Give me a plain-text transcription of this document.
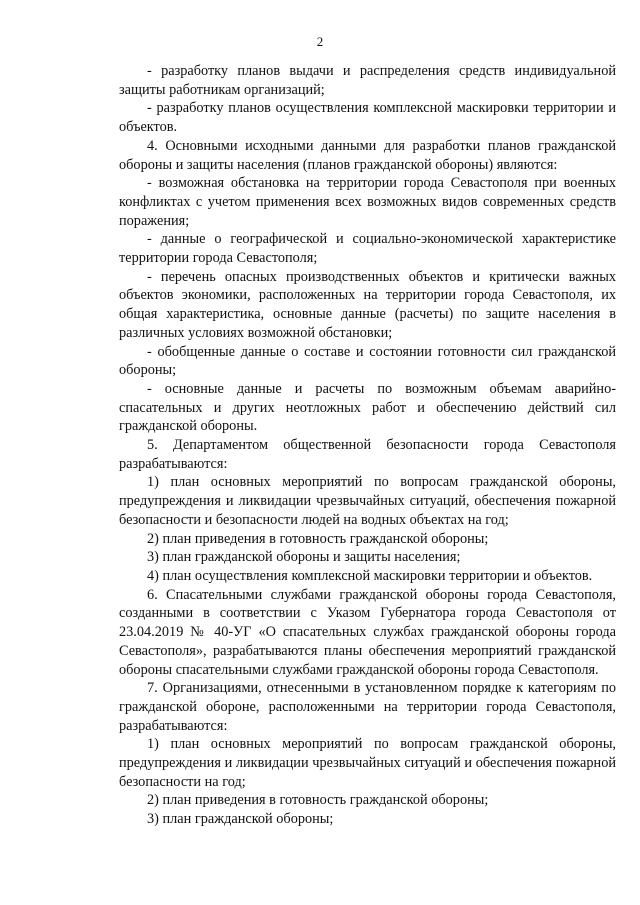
2

- разработку планов выдачи и распределения средств индивидуальной защиты работникам организаций;

- разработку планов осуществления комплексной маскировки территории и объектов.

4. Основными исходными данными для разработки планов гражданской обороны и защиты населения (планов гражданской обороны) являются:

- возможная обстановка на территории города Севастополя при военных конфликтах с учетом применения всех возможных видов современных средств поражения;

- данные о географической и социально-экономической характеристике территории города Севастополя;

- перечень опасных производственных объектов и критически важных объектов экономики, расположенных на территории города Севастополя, их общая характеристика, основные данные (расчеты) по защите населения в различных условиях возможной обстановки;

- обобщенные данные о составе и состоянии готовности сил гражданской обороны;

- основные данные и расчеты по возможным объемам аварийно-спасательных и других неотложных работ и обеспечению действий сил гражданской обороны.

5. Департаментом общественной безопасности города Севастополя разрабатываются:

1) план основных мероприятий по вопросам гражданской обороны, предупреждения и ликвидации чрезвычайных ситуаций, обеспечения пожарной безопасности и безопасности людей на водных объектах на год;

2) план приведения в готовность гражданской обороны;

3) план гражданской обороны и защиты населения;

4) план осуществления комплексной маскировки территории и объектов.

6. Спасательными службами гражданской обороны города Севастополя, созданными в соответствии с Указом Губернатора города Севастополя от 23.04.2019 № 40-УГ «О спасательных службах гражданской обороны города Севастополя», разрабатываются планы обеспечения мероприятий гражданской обороны спасательными службами гражданской обороны города Севастополя.

7. Организациями, отнесенными в установленном порядке к категориям по гражданской обороне, расположенными на территории города Севастополя, разрабатываются:

1) план основных мероприятий по вопросам гражданской обороны, предупреждения и ликвидации чрезвычайных ситуаций и обеспечения пожарной безопасности на год;

2) план приведения в готовность гражданской обороны;

3) план гражданской обороны;
